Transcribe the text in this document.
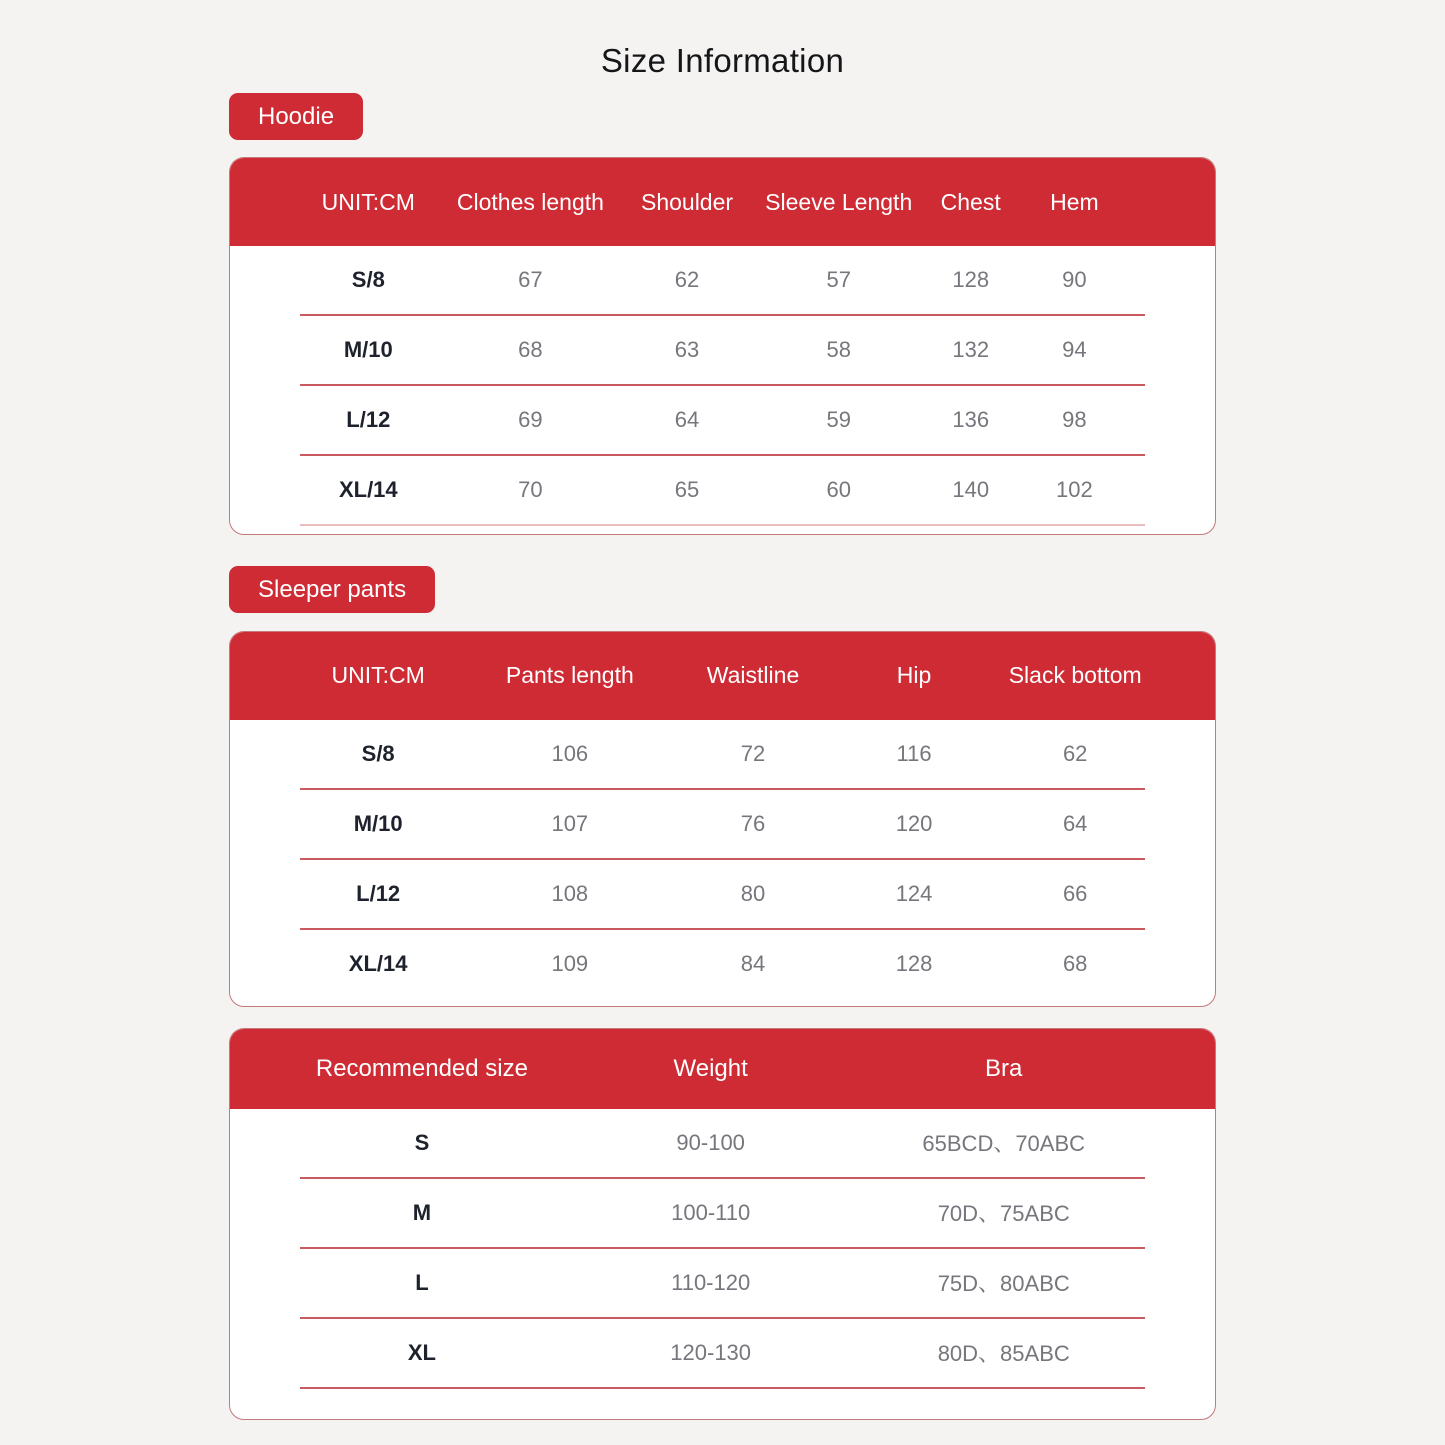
Size Information
Hoodie
UNIT:CM	Clothes length	Shoulder	Sleeve Length	Chest	Hem
S/8	67	62	57	128	90
M/10	68	63	58	132	94
L/12	69	64	59	136	98
XL/14	70	65	60	140	102
Sleeper pants
UNIT:CM	Pants length	Waistline	Hip	Slack bottom
S/8	106	72	116	62
M/10	107	76	120	64
L/12	108	80	124	66
XL/14	109	84	128	68
Recommended size	Weight	Bra
S	90-100	65BCD、70ABC
M	100-110	70D、75ABC
L	110-120	75D、80ABC
XL	120-130	80D、85ABC
